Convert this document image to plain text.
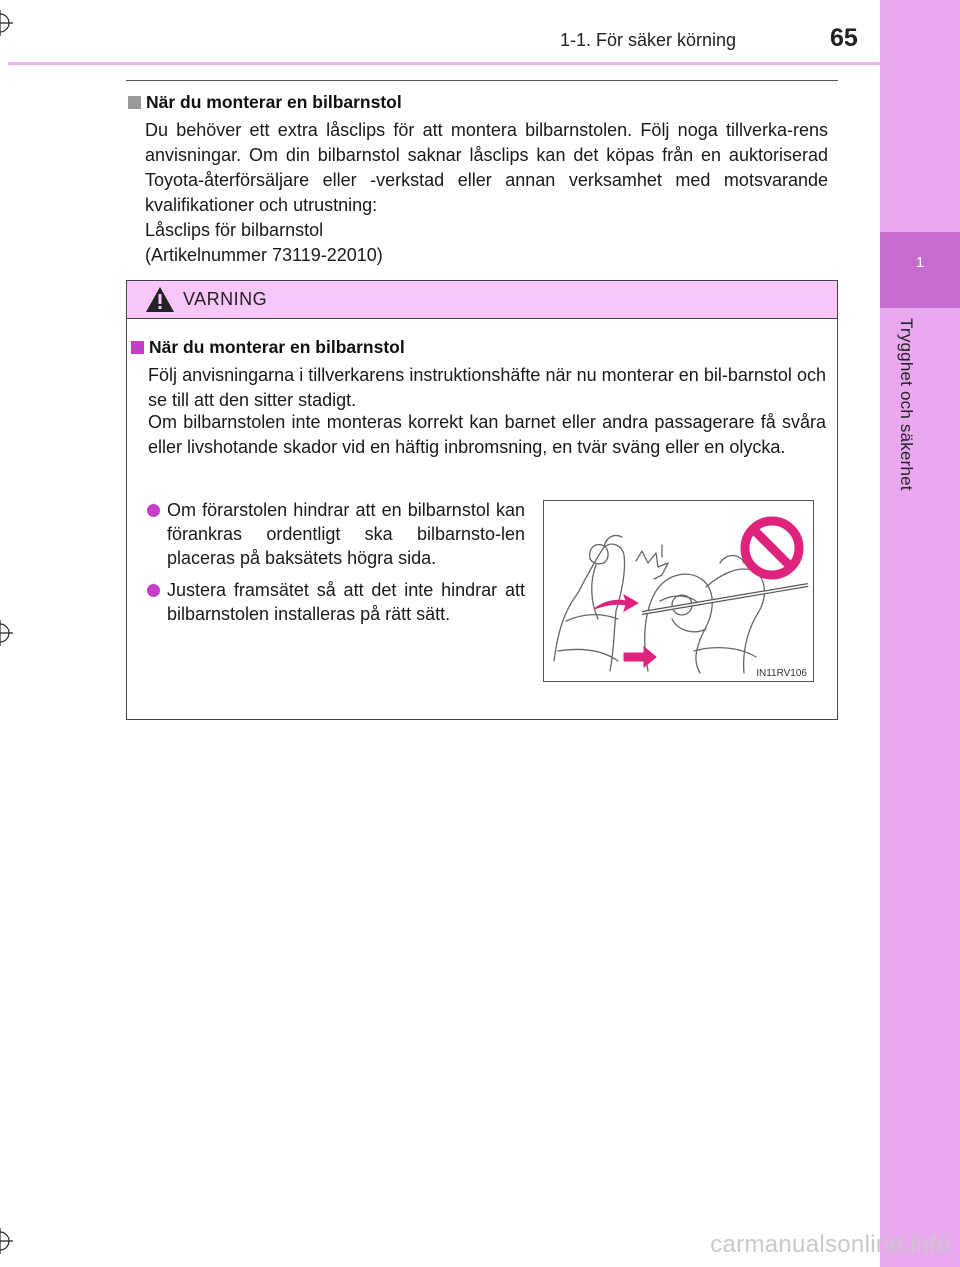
1
Trygghet och säkerhet
1-1. För säker körning	65
När du monterar en bilbarnstol
Du behöver ett extra låsclips för att montera bilbarnstolen. Följ noga tillverka-rens anvisningar. Om din bilbarnstol saknar låsclips kan det köpas från en auktoriserad Toyota-återförsäljare eller -verkstad eller annan verksamhet med motsvarande kvalifikationer och utrustning:
Låsclips för bilbarnstol
(Artikelnummer 73119-22010)
VARNING
När du monterar en bilbarnstol
Följ anvisningarna i tillverkarens instruktionshäfte när nu monterar en bil-barnstol och se till att den sitter stadigt.
Om bilbarnstolen inte monteras korrekt kan barnet eller andra passagerare få svåra eller livshotande skador vid en häftig inbromsning, en tvär sväng eller en olycka.
Om förarstolen hindrar att en bilbarnstol kan förankras ordentligt ska bilbarnsto-len placeras på baksätets högra sida.
Justera framsätet så att det inte hindrar att bilbarnstolen installeras på rätt sätt.
IN11RV106
carmanualsonline.info
